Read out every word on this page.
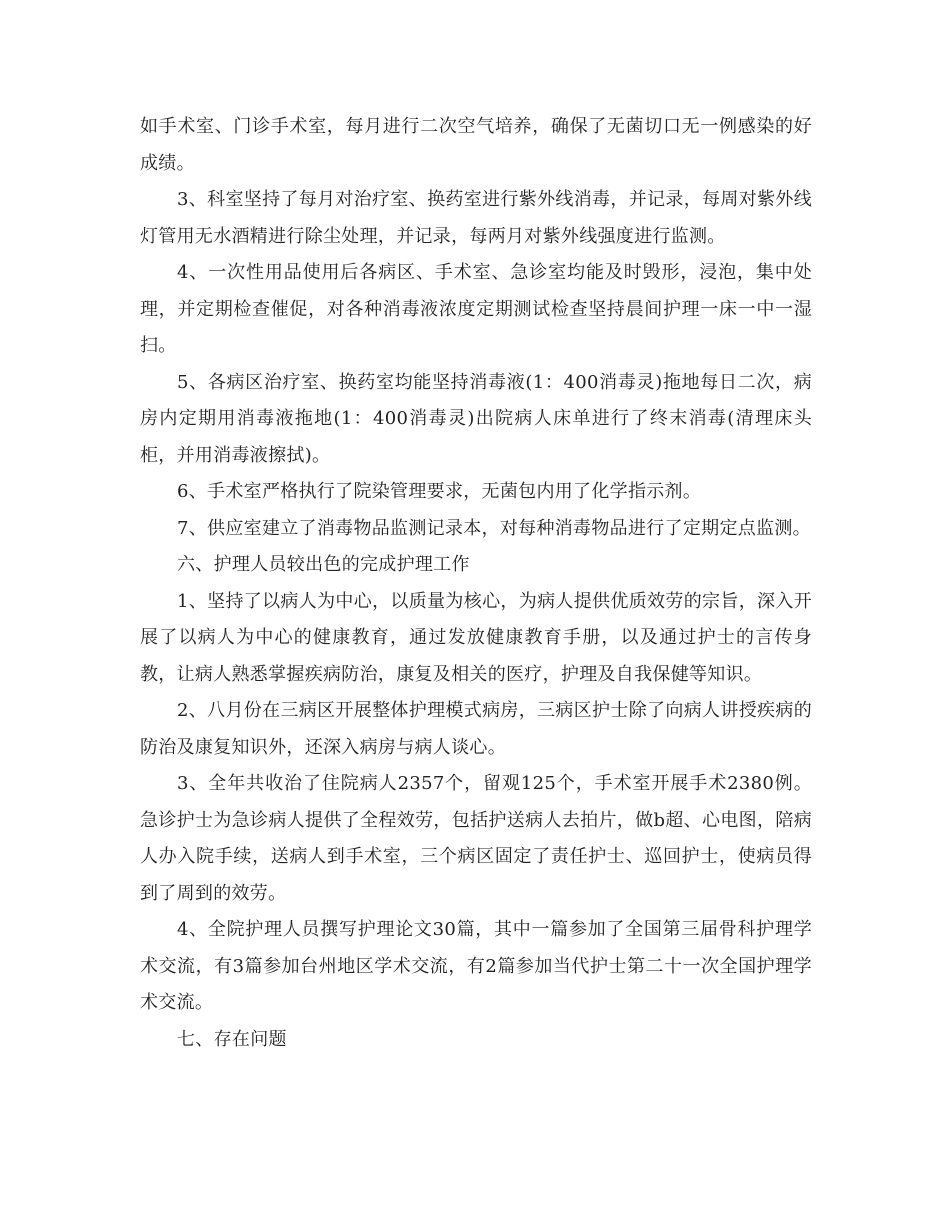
如手术室、门诊手术室，每月进行二次空气培养，确保了无菌切口无一例感染的好成绩。

3、科室坚持了每月对治疗室、换药室进行紫外线消毒，并记录，每周对紫外线灯管用无水酒精进行除尘处理，并记录，每两月对紫外线强度进行监测。

4、一次性用品使用后各病区、手术室、急诊室均能及时毁形，浸泡，集中处理，并定期检查催促，对各种消毒液浓度定期测试检查坚持晨间护理一床一中一湿扫。

5、各病区治疗室、换药室均能坚持消毒液(1：400消毒灵)拖地每日二次，病房内定期用消毒液拖地(1：400消毒灵)出院病人床单进行了终末消毒(清理床头柜，并用消毒液擦拭)。

6、手术室严格执行了院染管理要求，无菌包内用了化学指示剂。

7、供应室建立了消毒物品监测记录本，对每种消毒物品进行了定期定点监测。

六、护理人员较出色的完成护理工作

1、坚持了以病人为中心，以质量为核心，为病人提供优质效劳的宗旨，深入开展了以病人为中心的健康教育，通过发放健康教育手册，以及通过护士的言传身教，让病人熟悉掌握疾病防治，康复及相关的医疗，护理及自我保健等知识。

2、八月份在三病区开展整体护理模式病房，三病区护士除了向病人讲授疾病的防治及康复知识外，还深入病房与病人谈心。

3、全年共收治了住院病人2357个，留观125个，手术室开展手术2380例。急诊护士为急诊病人提供了全程效劳，包括护送病人去拍片，做b超、心电图，陪病人办入院手续，送病人到手术室，三个病区固定了责任护士、巡回护士，使病员得到了周到的效劳。

4、全院护理人员撰写护理论文30篇，其中一篇参加了全国第三届骨科护理学术交流，有3篇参加台州地区学术交流，有2篇参加当代护士第二十一次全国护理学术交流。

七、存在问题
